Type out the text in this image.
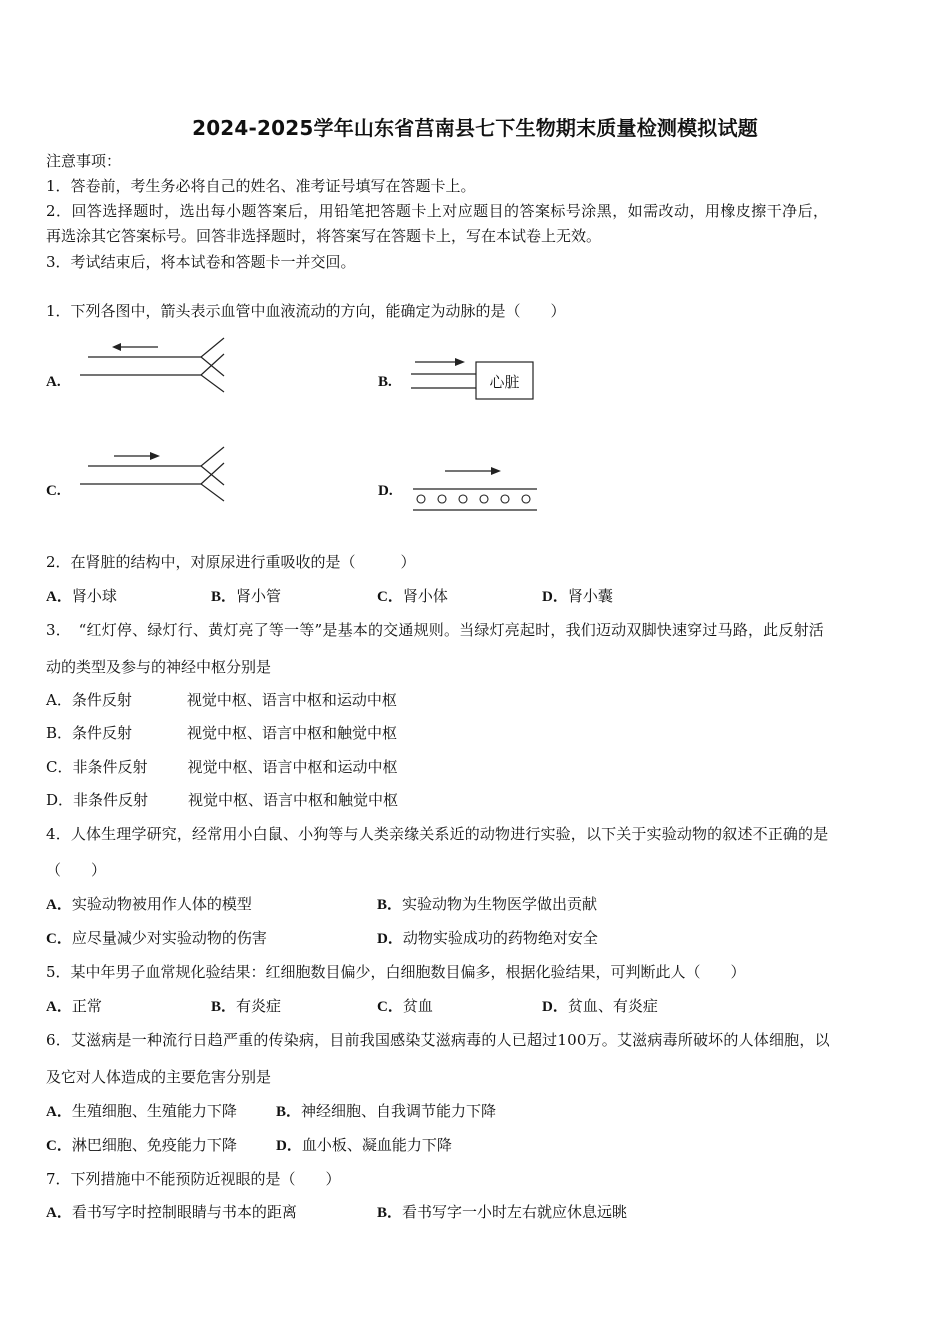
2024-2025学年山东省莒南县七下生物期末质量检测模拟试题
注意事项：
1．答卷前，考生务必将自己的姓名、准考证号填写在答题卡上。
2．回答选择题时，选出每小题答案后，用铅笔把答题卡上对应题目的答案标号涂黑，如需改动，用橡皮擦干净后，
再选涂其它答案标号。回答非选择题时，将答案写在答题卡上，写在本试卷上无效。
3．考试结束后，将本试卷和答题卡一并交回。
1．下列各图中，箭头表示血管中血液流动的方向，能确定为动脉的是（　　）
A.	B.	心脏
C.	D.
2．在肾脏的结构中，对原尿进行重吸收的是（　　　）
A．肾小球	B．肾小管	C．肾小体	D．肾小囊
3．　“红灯停、绿灯行、黄灯亮了等一等”是基本的交通规则。当绿灯亮起时，我们迈动双脚快速穿过马路，此反射活
动的类型及参与的神经中枢分别是
A．条件反射	视觉中枢、语言中枢和运动中枢
B．条件反射	视觉中枢、语言中枢和触觉中枢
C．非条件反射	视觉中枢、语言中枢和运动中枢
D．非条件反射	视觉中枢、语言中枢和触觉中枢
4．人体生理学研究，经常用小白鼠、小狗等与人类亲缘关系近的动物进行实验，以下关于实验动物的叙述不正确的是
（　　）
A．实验动物被用作人体的模型	B．实验动物为生物医学做出贡献
C．应尽量减少对实验动物的伤害	D．动物实验成功的药物绝对安全
5．某中年男子血常规化验结果：红细胞数目偏少，白细胞数目偏多，根据化验结果，可判断此人（　　）
A．正常	B．有炎症	C．贫血	D．贫血、有炎症
6．艾滋病是一种流行日趋严重的传染病，目前我国感染艾滋病毒的人已超过100万。艾滋病毒所破坏的人体细胞，以
及它对人体造成的主要危害分别是
A．生殖细胞、生殖能力下降	B．神经细胞、自我调节能力下降
C．淋巴细胞、免疫能力下降	D．血小板、凝血能力下降
7．下列措施中不能预防近视眼的是（　　）
A．看书写字时控制眼睛与书本的距离	B．看书写字一小时左右就应休息远眺
